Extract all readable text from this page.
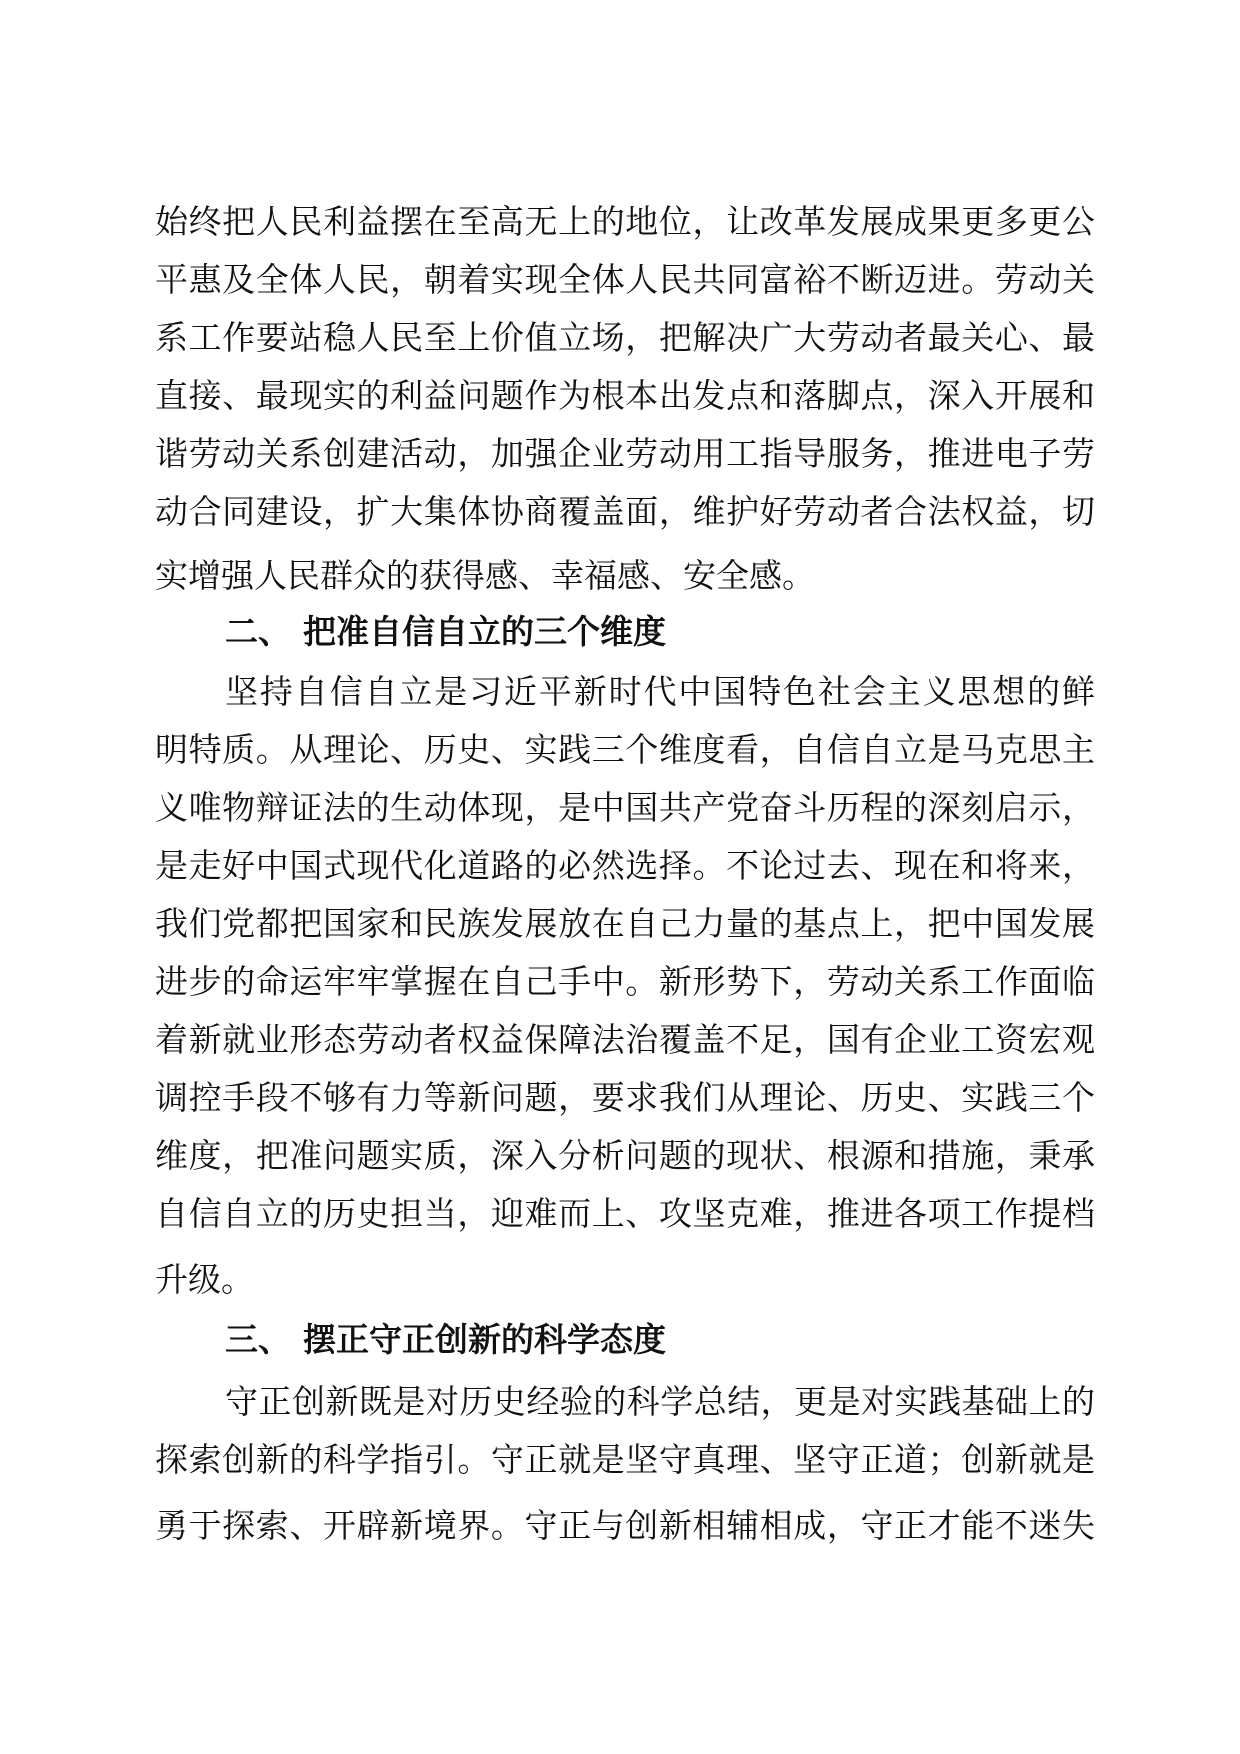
始终把人民利益摆在至高无上的地位，让改革发展成果更多更公
平惠及全体人民，朝着实现全体人民共同富裕不断迈进。劳动关
系工作要站稳人民至上价值立场，把解决广大劳动者最关心、最
直接、最现实的利益问题作为根本出发点和落脚点，深入开展和
谐劳动关系创建活动，加强企业劳动用工指导服务，推进电子劳
动合同建设，扩大集体协商覆盖面，维护好劳动者合法权益，切
实增强人民群众的获得感、幸福感、安全感。
二、 把准自信自立的三个维度
坚持自信自立是习近平新时代中国特色社会主义思想的鲜
明特质。从理论、历史、实践三个维度看，自信自立是马克思主
义唯物辩证法的生动体现，是中国共产党奋斗历程的深刻启示，
是走好中国式现代化道路的必然选择。不论过去、现在和将来，
我们党都把国家和民族发展放在自己力量的基点上，把中国发展
进步的命运牢牢掌握在自己手中。新形势下，劳动关系工作面临
着新就业形态劳动者权益保障法治覆盖不足，国有企业工资宏观
调控手段不够有力等新问题，要求我们从理论、历史、实践三个
维度，把准问题实质，深入分析问题的现状、根源和措施，秉承
自信自立的历史担当，迎难而上、攻坚克难，推进各项工作提档
升级。
三、 摆正守正创新的科学态度
守正创新既是对历史经验的科学总结，更是对实践基础上的
探索创新的科学指引。守正就是坚守真理、坚守正道；创新就是
勇于探索、开辟新境界。守正与创新相辅相成，守正才能不迷失
